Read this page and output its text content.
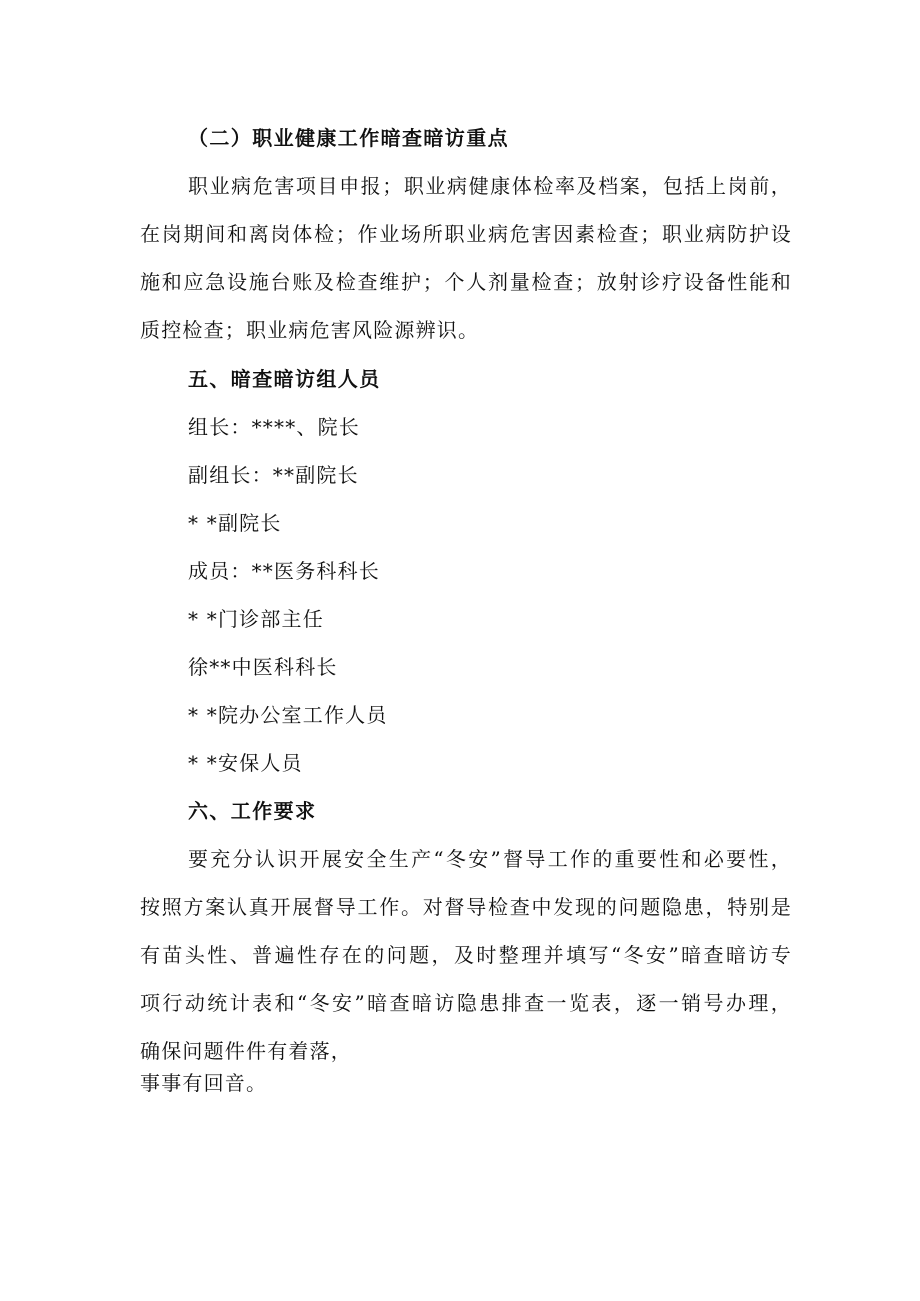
（二）职业健康工作暗查暗访重点
职业病危害项目申报；职业病健康体检率及档案，包括上岗前，
在岗期间和离岗体检；作业场所职业病危害因素检查；职业病防护设
施和应急设施台账及检查维护；个人剂量检查；放射诊疗设备性能和
质控检查；职业病危害风险源辨识。
五、暗查暗访组人员
组长：****、院长
副组长：**副院长
* *副院长
成员：**医务科科长
* *门诊部主任
徐**中医科科长
* *院办公室工作人员
* *安保人员
六、工作要求
要充分认识开展安全生产“冬安”督导工作的重要性和必要性，
按照方案认真开展督导工作。对督导检查中发现的问题隐患，特别是
有苗头性、普遍性存在的问题，及时整理并填写“冬安”暗查暗访专
项行动统计表和“冬安”暗查暗访隐患排查一览表，逐一销号办理，
确保问题件件有着落，
事事有回音。
